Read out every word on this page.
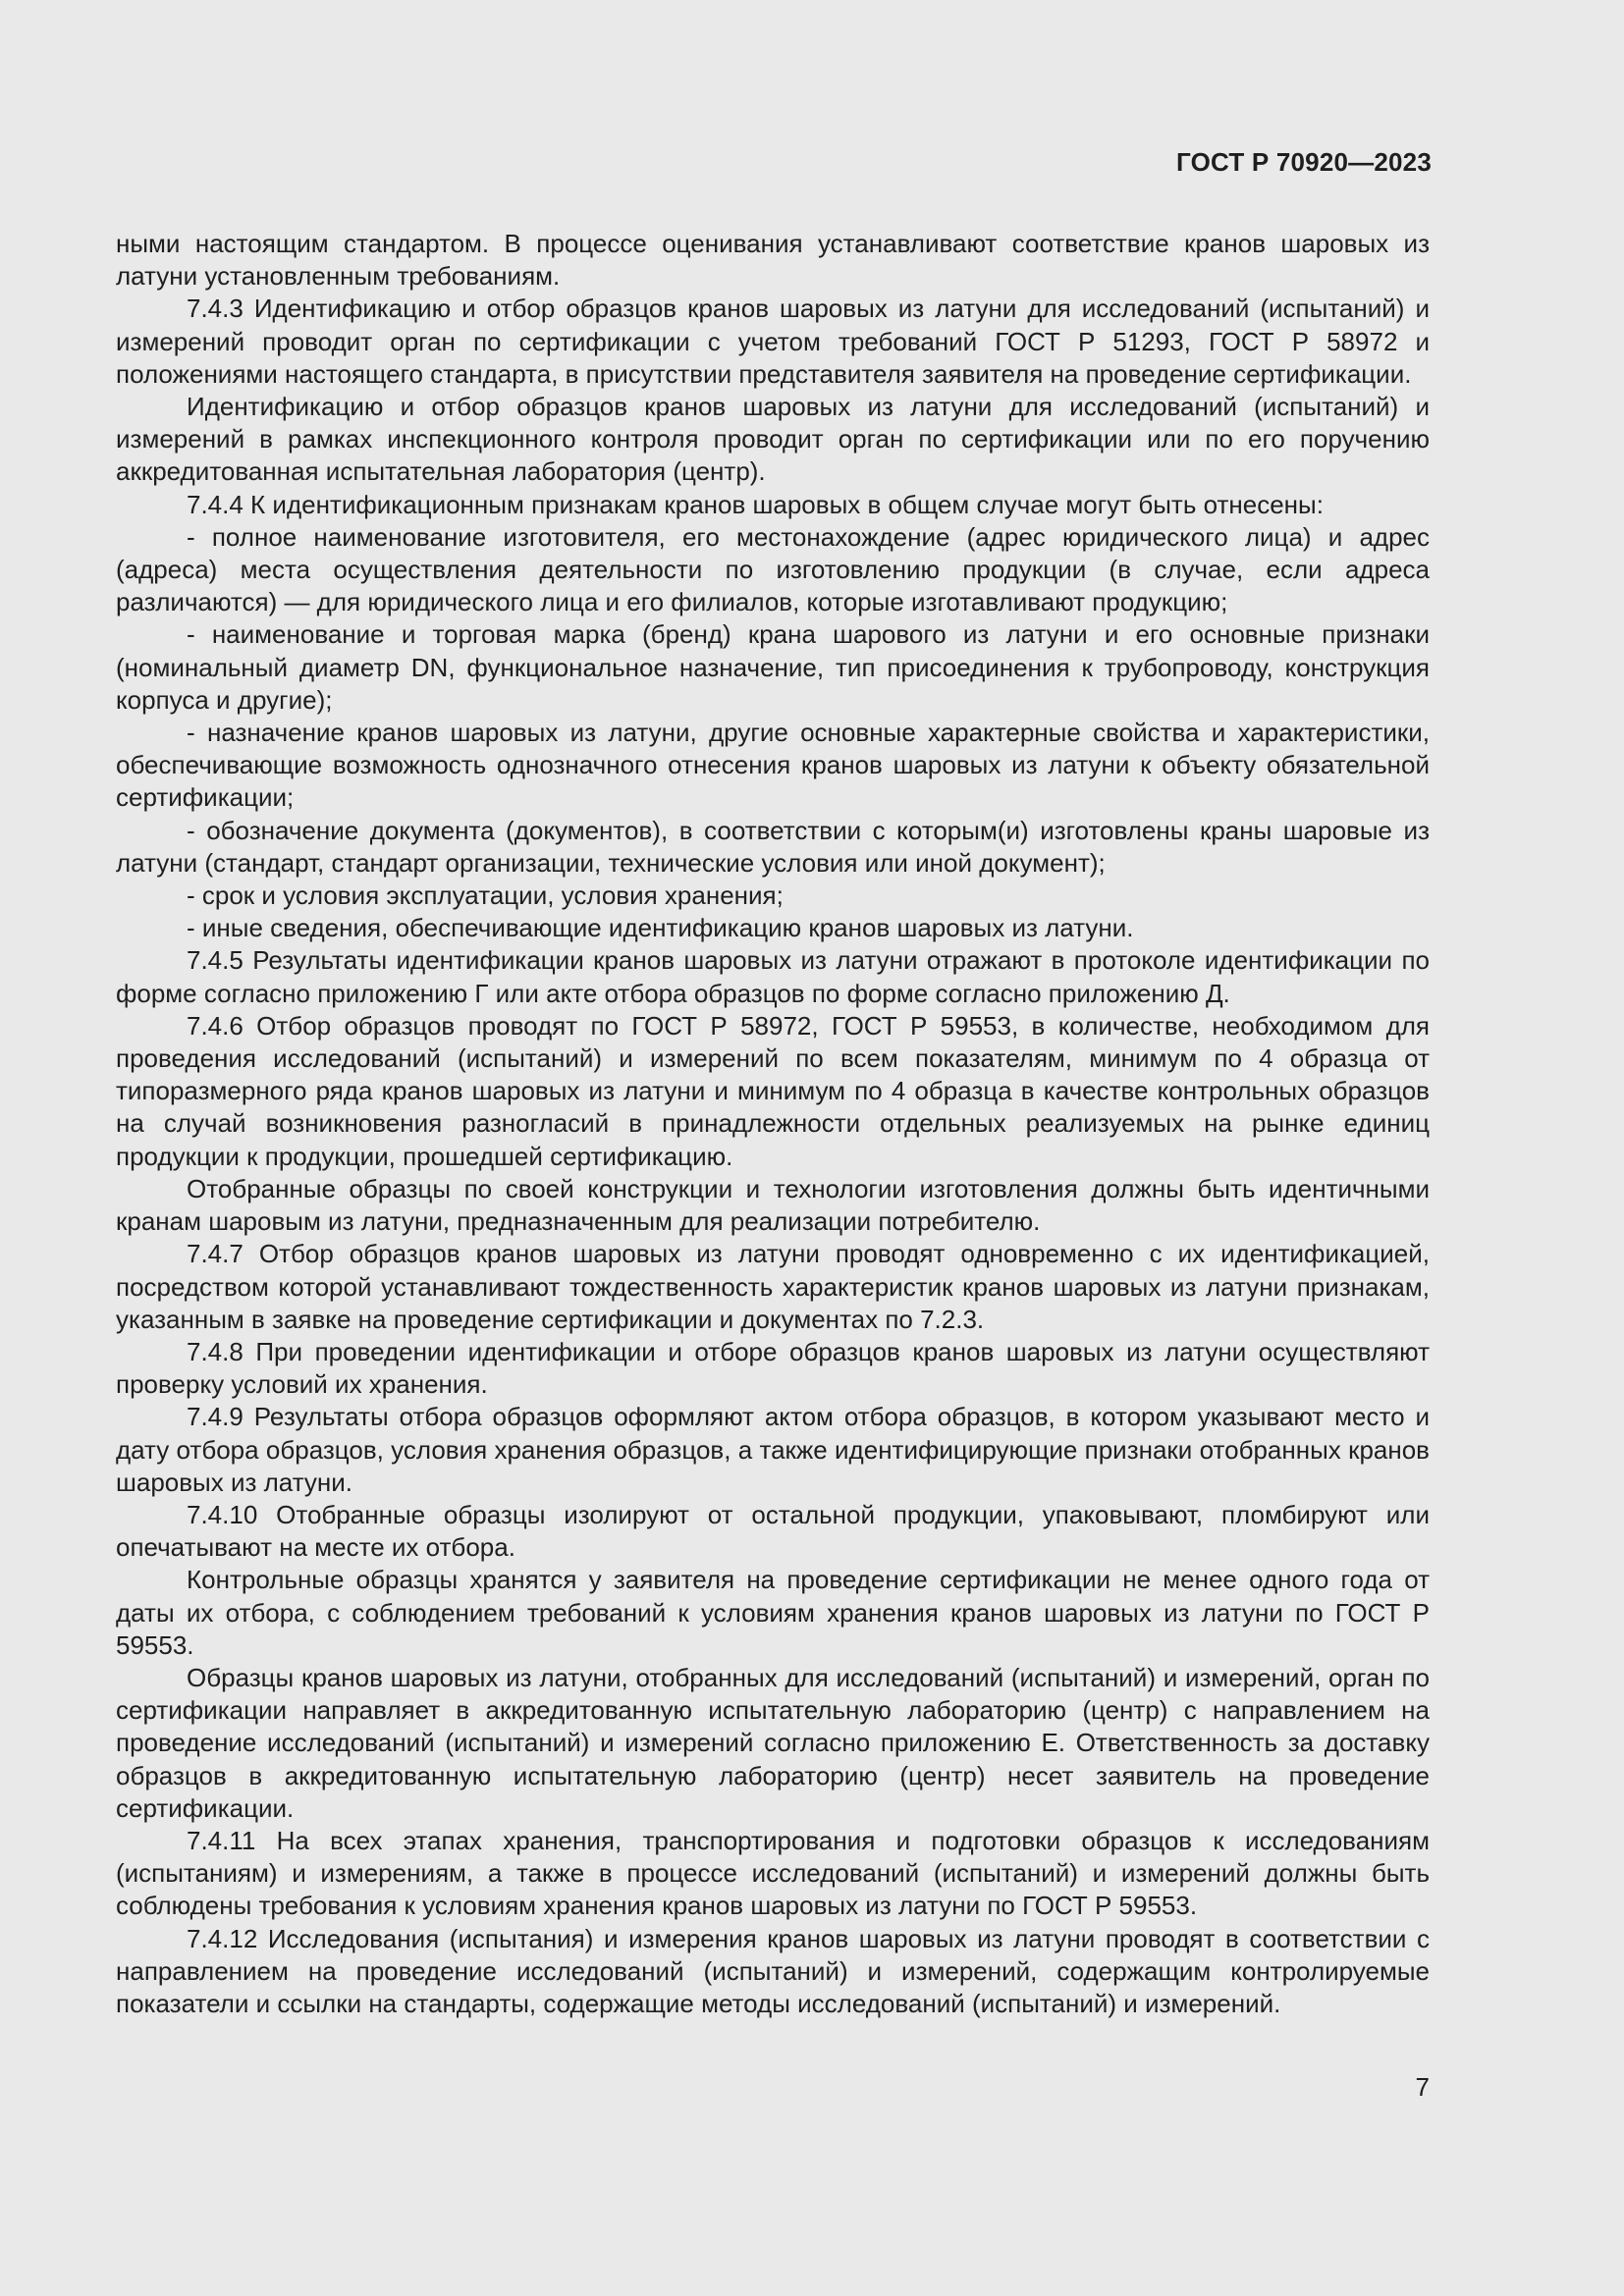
ГОСТ Р 70920—2023

ными настоящим стандартом. В процессе оценивания устанавливают соответствие кранов шаровых из латуни установленным требованиям.

7.4.3 Идентификацию и отбор образцов кранов шаровых из латуни для исследований (испытаний) и измерений проводит орган по сертификации с учетом требований ГОСТ Р 51293, ГОСТ Р 58972 и положениями настоящего стандарта, в присутствии представителя заявителя на проведение сертификации.

Идентификацию и отбор образцов кранов шаровых из латуни для исследований (испытаний) и измерений в рамках инспекционного контроля проводит орган по сертификации или по его поручению аккредитованная испытательная лаборатория (центр).

7.4.4 К идентификационным признакам кранов шаровых в общем случае могут быть отнесены:

- полное наименование изготовителя, его местонахождение (адрес юридического лица) и адрес (адреса) места осуществления деятельности по изготовлению продукции (в случае, если адреса различаются) — для юридического лица и его филиалов, которые изготавливают продукцию;

- наименование и торговая марка (бренд) крана шарового из латуни и его основные признаки (номинальный диаметр DN, функциональное назначение, тип присоединения к трубопроводу, конструкция корпуса и другие);

- назначение кранов шаровых из латуни, другие основные характерные свойства и характеристики, обеспечивающие возможность однозначного отнесения кранов шаровых из латуни к объекту обязательной сертификации;

- обозначение документа (документов), в соответствии с которым(и) изготовлены краны шаровые из латуни (стандарт, стандарт организации, технические условия или иной документ);

- срок и условия эксплуатации, условия хранения;

- иные сведения, обеспечивающие идентификацию кранов шаровых из латуни.

7.4.5 Результаты идентификации кранов шаровых из латуни отражают в протоколе идентификации по форме согласно приложению Г или акте отбора образцов по форме согласно приложению Д.

7.4.6 Отбор образцов проводят по ГОСТ Р 58972, ГОСТ Р 59553, в количестве, необходимом для проведения исследований (испытаний) и измерений по всем показателям, минимум по 4 образца от типоразмерного ряда кранов шаровых из латуни и минимум по 4 образца в качестве контрольных образцов на случай возникновения разногласий в принадлежности отдельных реализуемых на рынке единиц продукции к продукции, прошедшей сертификацию.

Отобранные образцы по своей конструкции и технологии изготовления должны быть идентичными кранам шаровым из латуни, предназначенным для реализации потребителю.

7.4.7 Отбор образцов кранов шаровых из латуни проводят одновременно с их идентификацией, посредством которой устанавливают тождественность характеристик кранов шаровых из латуни признакам, указанным в заявке на проведение сертификации и документах по 7.2.3.

7.4.8 При проведении идентификации и отборе образцов кранов шаровых из латуни осуществляют проверку условий их хранения.

7.4.9 Результаты отбора образцов оформляют актом отбора образцов, в котором указывают место и дату отбора образцов, условия хранения образцов, а также идентифицирующие признаки отобранных кранов шаровых из латуни.

7.4.10 Отобранные образцы изолируют от остальной продукции, упаковывают, пломбируют или опечатывают на месте их отбора.

Контрольные образцы хранятся у заявителя на проведение сертификации не менее одного года от даты их отбора, с соблюдением требований к условиям хранения кранов шаровых из латуни по ГОСТ Р 59553.

Образцы кранов шаровых из латуни, отобранных для исследований (испытаний) и измерений, орган по сертификации направляет в аккредитованную испытательную лабораторию (центр) с направлением на проведение исследований (испытаний) и измерений согласно приложению Е. Ответственность за доставку образцов в аккредитованную испытательную лабораторию (центр) несет заявитель на проведение сертификации.

7.4.11 На всех этапах хранения, транспортирования и подготовки образцов к исследованиям (испытаниям) и измерениям, а также в процессе исследований (испытаний) и измерений должны быть соблюдены требования к условиям хранения кранов шаровых из латуни по ГОСТ Р 59553.

7.4.12 Исследования (испытания) и измерения кранов шаровых из латуни проводят в соответствии с направлением на проведение исследований (испытаний) и измерений, содержащим контролируемые показатели и ссылки на стандарты, содержащие методы исследований (испытаний) и измерений.

7
